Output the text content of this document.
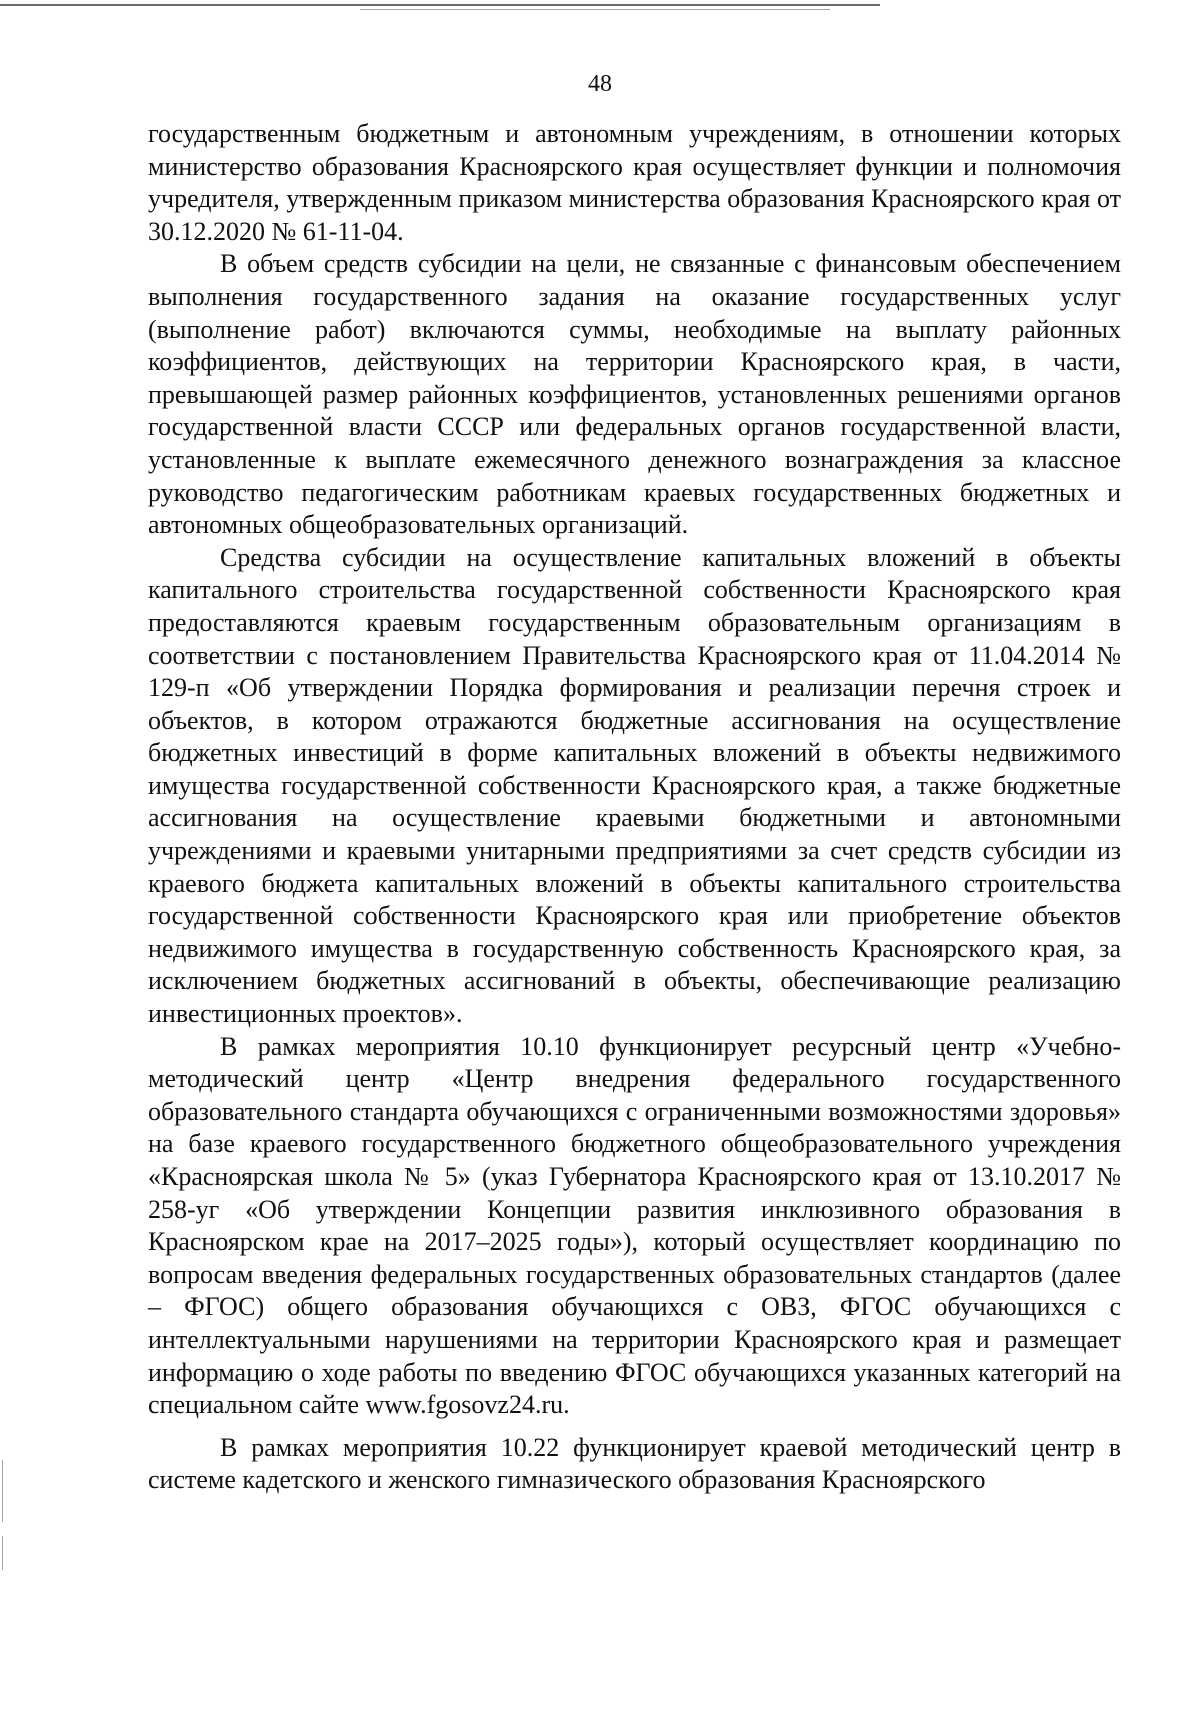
48

государственным бюджетным и автономным учреждениям, в отношении которых министерство образования Красноярского края осуществляет функции и полномочия учредителя, утвержденным приказом министерства образования Красноярского края от 30.12.2020 № 61-11-04.

В объем средств субсидии на цели, не связанные с финансовым обеспечением выполнения государственного задания на оказание государственных услуг (выполнение работ) включаются суммы, необходимые на выплату районных коэффициентов, действующих на территории Красноярского края, в части, превышающей размер районных коэффициентов, установленных решениями органов государственной власти СССР или федеральных органов государственной власти, установленные к выплате ежемесячного денежного вознаграждения за классное руководство педагогическим работникам краевых государственных бюджетных и автономных общеобразовательных организаций.

Средства субсидии на осуществление капитальных вложений в объекты капитального строительства государственной собственности Красноярского края предоставляются краевым государственным образовательным организациям в соответствии с постановлением Правительства Красноярского края от 11.04.2014 № 129-п «Об утверждении Порядка формирования и реализации перечня строек и объектов, в котором отражаются бюджетные ассигнования на осуществление бюджетных инвестиций в форме капитальных вложений в объекты недвижимого имущества государственной собственности Красноярского края, а также бюджетные ассигнования на осуществление краевыми бюджетными и автономными учреждениями и краевыми унитарными предприятиями за счет средств субсидии из краевого бюджета капитальных вложений в объекты капитального строительства государственной собственности Красноярского края или приобретение объектов недвижимого имущества в государственную собственность Красноярского края, за исключением бюджетных ассигнований в объекты, обеспечивающие реализацию инвестиционных проектов».

В рамках мероприятия 10.10 функционирует ресурсный центр «Учебно-методический центр «Центр внедрения федерального государственного образовательного стандарта обучающихся с ограниченными возможностями здоровья» на базе краевого государственного бюджетного общеобразовательного учреждения «Красноярская школа № 5» (указ Губернатора Красноярского края от 13.10.2017 № 258-уг «Об утверждении Концепции развития инклюзивного образования в Красноярском крае на 2017–2025 годы»), который осуществляет координацию по вопросам введения федеральных государственных образовательных стандартов (далее – ФГОС) общего образования обучающихся с ОВЗ, ФГОС обучающихся с интеллектуальными нарушениями на территории Красноярского края и размещает информацию о ходе работы по введению ФГОС обучающихся указанных категорий на специальном сайте www.fgosovz24.ru.

В рамках мероприятия 10.22 функционирует краевой методический центр в системе кадетского и женского гимназического образования Красноярского
